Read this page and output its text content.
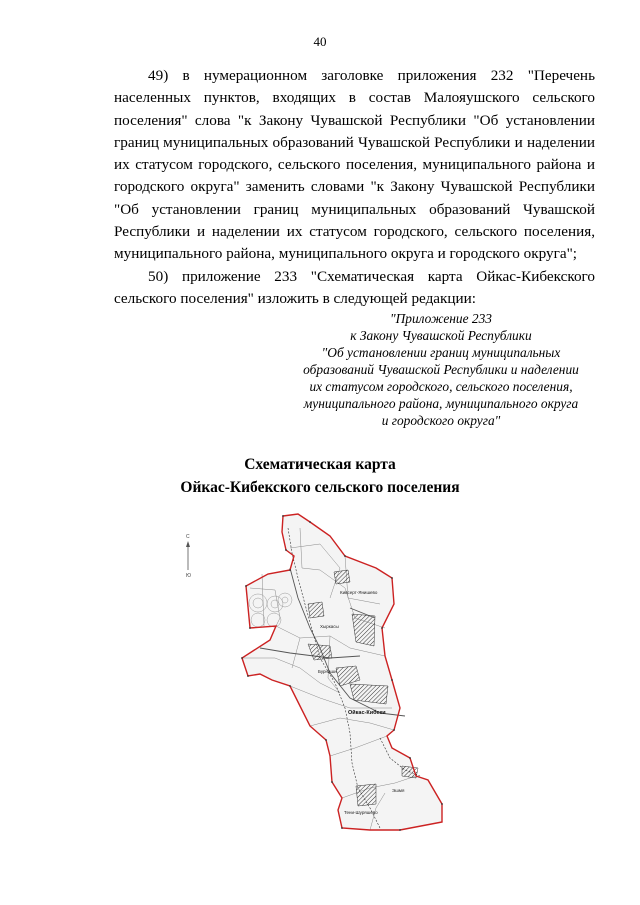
40

49) в нумерационном заголовке приложения 232 "Перечень населенных пунктов, входящих в состав Малояушского сельского поселения" слова "к Закону Чувашской Республики "Об установлении границ муниципальных образований Чувашской Республики и наделении их статусом городского, сельского поселения, муниципального района и городского округа" заменить словами "к Закону Чувашской Республики "Об установлении границ муниципальных образований Чувашской Республики и наделении их статусом городского, сельского поселения, муниципального района, муниципального округа и городского округа";

50) приложение 233 "Схематическая карта Ойкас-Кибекского сельского поселения" изложить в следующей редакции:

"Приложение 233
к Закону Чувашской Республики
"Об установлении границ муниципальных
образований Чувашской Республики и наделении
их статусом городского, сельского поселения,
муниципального района, муниципального округа
и городского округа"
Схематическая карта
Ойкас-Кибекского сельского поселения
С
Ю
Ойкас-Кибеки
Кивсерт-Янишево
Хыркасы
Бурнаши
Эшмя
Тени-Шуряшево
